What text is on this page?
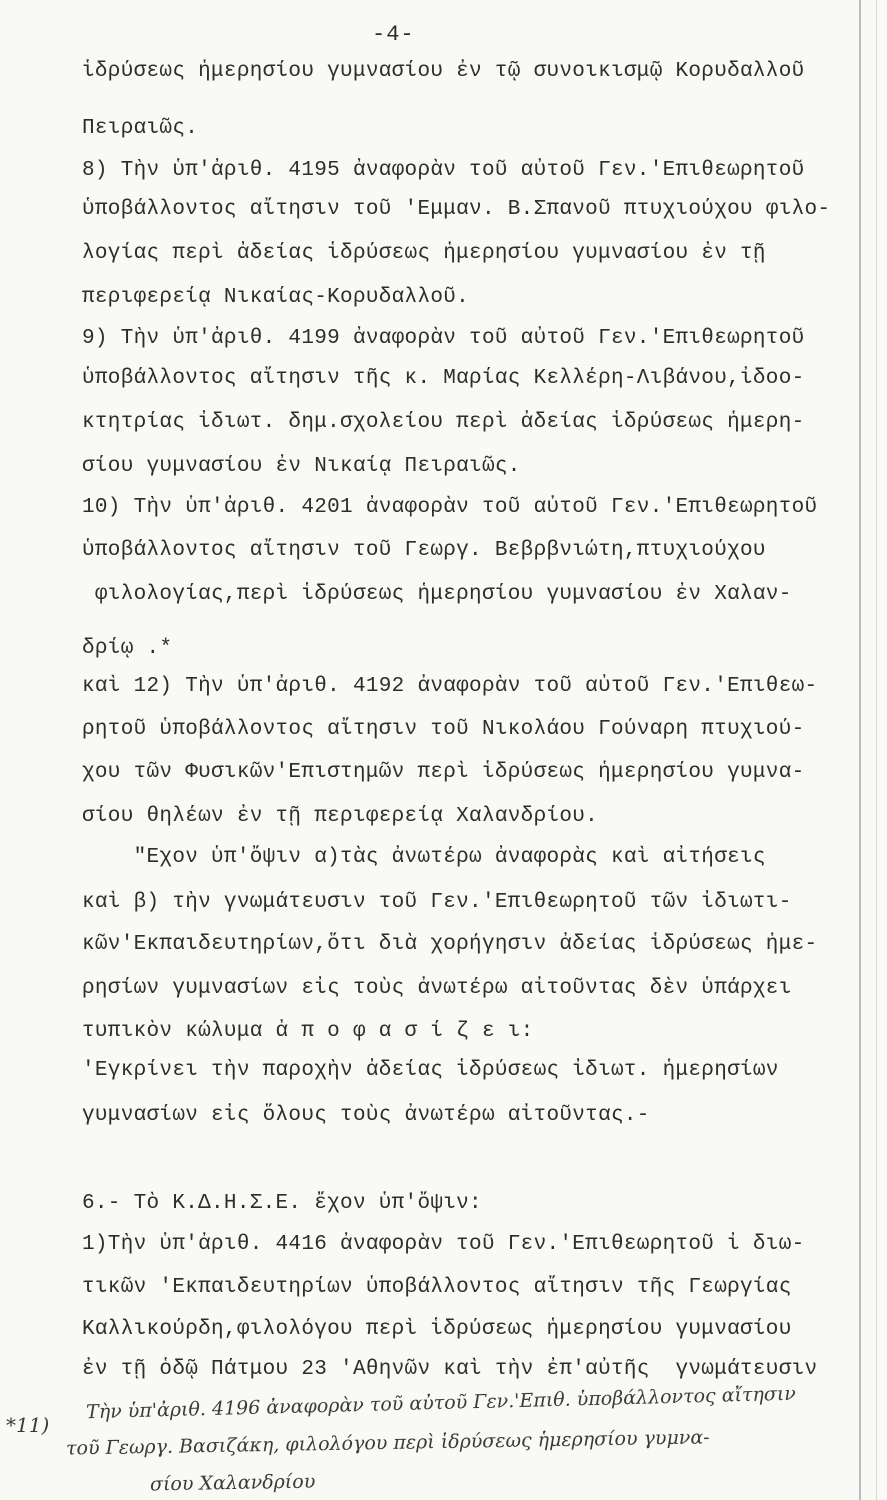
-4-
ἱδρύσεως ἡμερησίου γυμνασίου ἐν τῷ συνοικισμῷ Κορυδαλλοῦ
Πειραιῶς.
8) Τὴν ὑπ'ἀριθ. 4195 ἀναφορὰν τοῦ αὐτοῦ Γεν.'Επιθεωρητοῦ
ὑποβάλλοντος αἴτησιν τοῦ 'Εμμαν. Β.Σπανοῦ πτυχιούχου φιλο-
λογίας περὶ ἀδείας ἱδρύσεως ἡμερησίου γυμνασίου ἐν τῇ
περιφερείᾳ Νικαίας-Κορυδαλλοῦ.
9) Τὴν ὑπ'ἀριθ. 4199 ἀναφορὰν τοῦ αὐτοῦ Γεν.'Επιθεωρητοῦ
ὑποβάλλοντος αἴτησιν τῆς κ. Μαρίας Κελλέρη-Λιβάνου,ἰδοο-
κτητρίας ἰδιωτ. δημ.σχολείου περὶ ἀδείας ἱδρύσεως ἡμερη-
σίου γυμνασίου ἐν Νικαίᾳ Πειραιῶς.
10) Τὴν ὑπ'ἀριθ. 4201 ἀναφορὰν τοῦ αὐτοῦ Γεν.'Επιθεωρητοῦ
ὑποβάλλοντος αἴτησιν τοῦ Γεωργ. Βεβρβνιώτη,πτυχιούχου
φιλολογίας,περὶ ἱδρύσεως ἡμερησίου γυμνασίου ἐν Χαλαν-
δρίῳ .*
καὶ 12) Τὴν ὑπ'ἀριθ. 4192 ἀναφορὰν τοῦ αὐτοῦ Γεν.'Επιθεω-
ρητοῦ ὑποβάλλοντος αἴτησιν τοῦ Νικολάου Γούναρη πτυχιού-
χου τῶν Φυσικῶν'Επιστημῶν περὶ ἱδρύσεως ἡμερησίου γυμνα-
σίου θηλέων ἐν τῇ περιφερείᾳ Χαλανδρίου.
"Εχον ὑπ'ὄψιν α)τὰς ἀνωτέρω ἀναφορὰς καὶ αἰτήσεις
καὶ β) τὴν γνωμάτευσιν τοῦ Γεν.'Επιθεωρητοῦ τῶν ἰδιωτι-
κῶν'Εκπαιδευτηρίων,ὅτι διὰ χορήγησιν ἀδείας ἱδρύσεως ἡμε-
ρησίων γυμνασίων εἰς τοὺς ἀνωτέρω αἰτοῦντας δὲν ὑπάρχει
τυπικὸν κώλυμα ἀ π ο φ α σ ί ζ ε ι:
'Εγκρίνει τὴν παροχὴν ἀδείας ἱδρύσεως ἰδιωτ. ἡμερησίων
γυμνασίων εἰς ὅλους τοὺς ἀνωτέρω αἰτοῦντας.-
6.- Τὸ Κ.Δ.Η.Σ.Ε. ἔχον ὑπ'ὄψιν:
1)Τὴν ὑπ'ἀριθ. 4416 ἀναφορὰν τοῦ Γεν.'Επιθεωρητοῦ ἰ διω-
τικῶν 'Εκπαιδευτηρίων ὑποβάλλοντος αἴτησιν τῆς Γεωργίας
Καλλικούρδη,φιλολόγου περὶ ἱδρύσεως ἡμερησίου γυμνασίου
ἐν τῇ ὁδῷ Πάτμου 23 'Αθηνῶν καὶ τὴν ἐπ'αὐτῆς  γνωμάτευσιν
*11)
Τὴν ὑπ'ἀριθ. 4196 ἀναφορὰν τοῦ αὐτοῦ Γεν.'Επιθ. ὑποβάλλοντος αἴτησιν
τοῦ Γεωργ. Βασιζάκη, φιλολόγου περὶ ἱδρύσεως ἡμερησίου γυμνα-
σίου Χαλανδρίου
